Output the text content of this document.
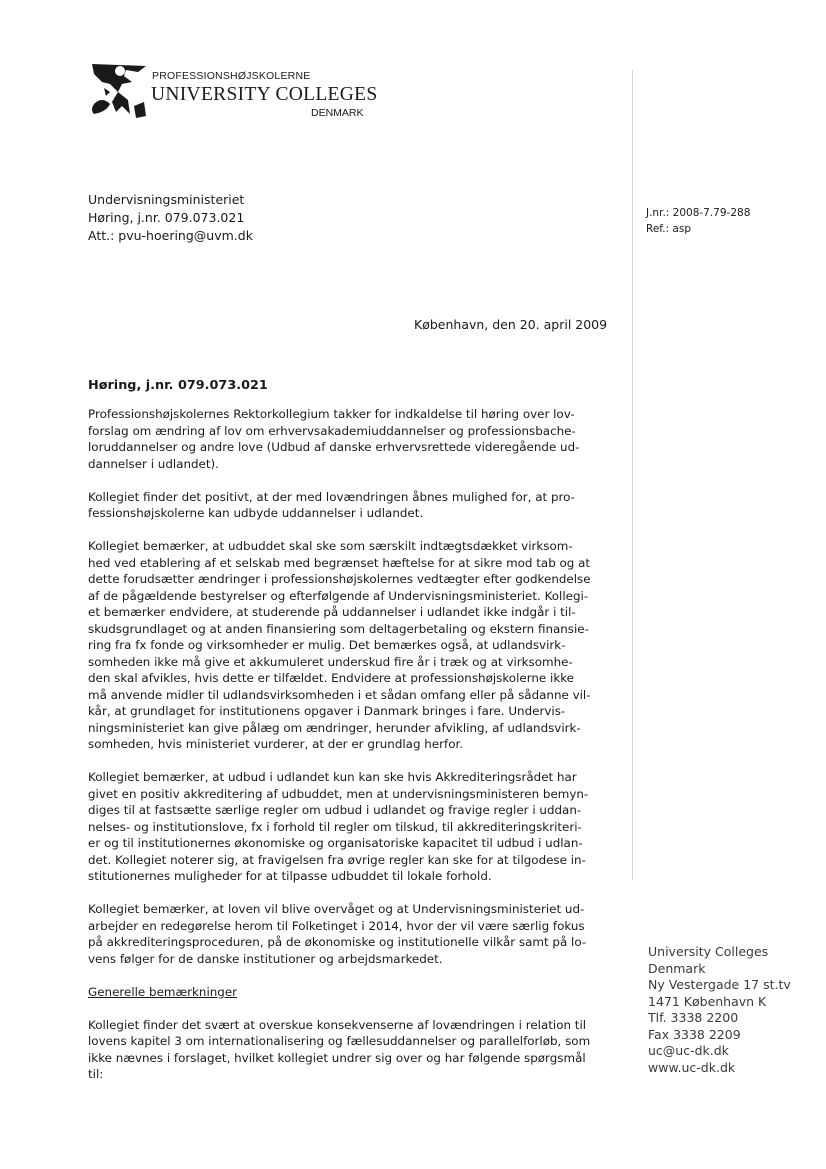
PROFESSIONSHØJSKOLERNE
UNIVERSITY COLLEGES
DENMARK
Undervisningsministeriet
Høring, j.nr. 079.073.021
Att.: pvu-hoering@uvm.dk
J.nr.: 2008-7.79-288
Ref.: asp
København, den 20. april 2009
Høring, j.nr. 079.073.021

Professionshøjskolernes Rektorkollegium takker for indkaldelse til høring over lov-
forslag om ændring af lov om erhvervsakademiuddannelser og professionsbache-
loruddannelser og andre love (Udbud af danske erhvervsrettede videregående ud-
dannelser i udlandet).

Kollegiet finder det positivt, at der med lovændringen åbnes mulighed for, at pro-
fessionshøjskolerne kan udbyde uddannelser i udlandet.

Kollegiet bemærker, at udbuddet skal ske som særskilt indtægtsdækket virksom-
hed ved etablering af et selskab med begrænset hæftelse for at sikre mod tab og at
dette forudsætter ændringer i professionshøjskolernes vedtægter efter godkendelse
af de pågældende bestyrelser og efterfølgende af Undervisningsministeriet. Kollegi-
et bemærker endvidere, at studerende på uddannelser i udlandet ikke indgår i til-
skudsgrundlaget og at anden finansiering som deltagerbetaling og ekstern finansie-
ring fra fx fonde og virksomheder er mulig. Det bemærkes også, at udlandsvirk-
somheden ikke må give et akkumuleret underskud fire år i træk og at virksomhe-
den skal afvikles, hvis dette er tilfældet. Endvidere at professionshøjskolerne ikke
må anvende midler til udlandsvirksomheden i et sådan omfang eller på sådanne vil-
kår, at grundlaget for institutionens opgaver i Danmark bringes i fare. Undervis-
ningsministeriet kan give pålæg om ændringer, herunder afvikling, af udlandsvirk-
somheden, hvis ministeriet vurderer, at der er grundlag herfor.

Kollegiet bemærker, at udbud i udlandet kun kan ske hvis Akkrediteringsrådet har
givet en positiv akkreditering af udbuddet, men at undervisningsministeren bemyn-
diges til at fastsætte særlige regler om udbud i udlandet og fravige regler i uddan-
nelses- og institutionslove, fx i forhold til regler om tilskud, til akkrediteringskriteri-
er og til institutionernes økonomiske og organisatoriske kapacitet til udbud i udlan-
det. Kollegiet noterer sig, at fravigelsen fra øvrige regler kan ske for at tilgodese in-
stitutionernes muligheder for at tilpasse udbuddet til lokale forhold.

Kollegiet bemærker, at loven vil blive overvåget og at Undervisningsministeriet ud-
arbejder en redegørelse herom til Folketinget i 2014, hvor der vil være særlig fokus
på akkrediteringsproceduren, på de økonomiske og institutionelle vilkår samt på lo-
vens følger for de danske institutioner og arbejdsmarkedet.

Generelle bemærkninger

Kollegiet finder det svært at overskue konsekvenserne af lovændringen i relation til
lovens kapitel 3 om internationalisering og fællesuddannelser og parallelforløb, som
ikke nævnes i forslaget, hvilket kollegiet undrer sig over og har følgende spørgsmål
til:

University Colleges
Denmark
Ny Vestergade 17 st.tv
1471 København K
Tlf. 3338 2200
Fax 3338 2209
uc@uc-dk.dk
www.uc-dk.dk
